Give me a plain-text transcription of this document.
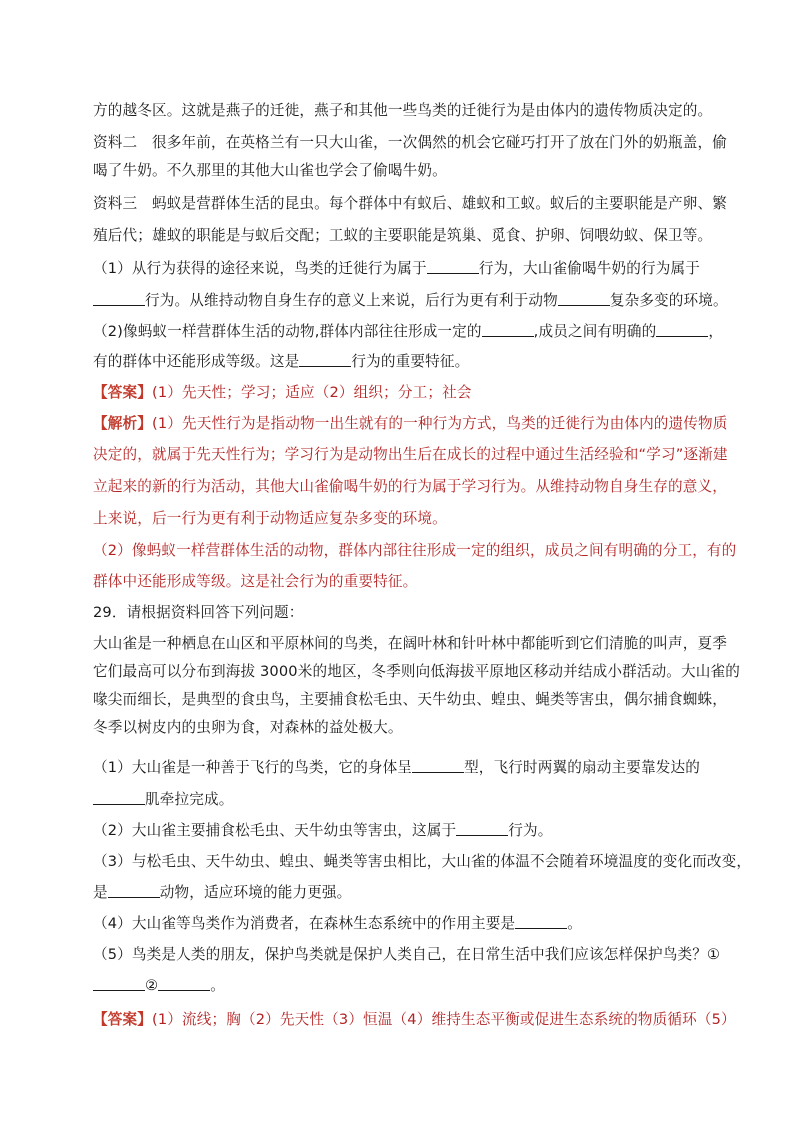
方的越冬区。这就是燕子的迁徙，燕子和其他一些鸟类的迁徙行为是由体内的遗传物质决定的。
资料二　很多年前，在英格兰有一只大山雀，一次偶然的机会它碰巧打开了放在门外的奶瓶盖，偷
喝了牛奶。不久那里的其他大山雀也学会了偷喝牛奶。
资料三　蚂蚁是营群体生活的昆虫。每个群体中有蚁后、雄蚁和工蚁。蚁后的主要职能是产卵、繁
殖后代；雄蚁的职能是与蚁后交配；工蚁的主要职能是筑巢、觅食、护卵、饲喂幼蚁、保卫等。
（1）从行为获得的途径来说，鸟类的迁徙行为属于	行为，大山雀偷喝牛奶的行为属于
行为。从维持动物自身生存的意义上来说，后行为更有利于动物	复杂多变的环境。
（2)像蚂蚁一样营群体生活的动物,群体内部往往形成一定的	,成员之间有明确的	，
有的群体中还能形成等级。这是	行为的重要特征。
【答案】(1）先天性；学习；适应（2）组织；分工；社会
【解析】(1）先天性行为是指动物一出生就有的一种行为方式，鸟类的迁徙行为由体内的遗传物质
决定的，就属于先天性行为；学习行为是动物出生后在成长的过程中通过生活经验和“学习”逐渐建
立起来的新的行为活动，其他大山雀偷喝牛奶的行为属于学习行为。从维持动物自身生存的意义，
上来说，后一行为更有利于动物适应复杂多变的环境。
（2）像蚂蚁一样营群体生活的动物，群体内部往往形成一定的组织，成员之间有明确的分工，有的
群体中还能形成等级。这是社会行为的重要特征。
29．请根据资料回答下列问题：
大山雀是一种栖息在山区和平原林间的鸟类，在阔叶林和针叶林中都能听到它们清脆的叫声，夏季
它们最高可以分布到海拔 3000米的地区，冬季则向低海拔平原地区移动并结成小群活动。大山雀的
喙尖而细长，是典型的食虫鸟，主要捕食松毛虫、天牛幼虫、蝗虫、蝇类等害虫，偶尔捕食蜘蛛，
冬季以树皮内的虫卵为食，对森林的益处极大。
（1）大山雀是一种善于飞行的鸟类，它的身体呈	型，飞行时两翼的扇动主要靠发达的
肌牵拉完成。
（2）大山雀主要捕食松毛虫、天牛幼虫等害虫，这属于	行为。
（3）与松毛虫、天牛幼虫、蝗虫、蝇类等害虫相比，大山雀的体温不会随着环境温度的变化而改变，
是	动物，适应环境的能力更强。
（4）大山雀等鸟类作为消费者，在森林生态系统中的作用主要是	。
（5）鸟类是人类的朋友，保护鸟类就是保护人类自己，在日常生活中我们应该怎样保护鸟类？①
②	。
【答案】(1）流线；胸（2）先天性（3）恒温（4）维持生态平衡或促进生态系统的物质循环（5）
